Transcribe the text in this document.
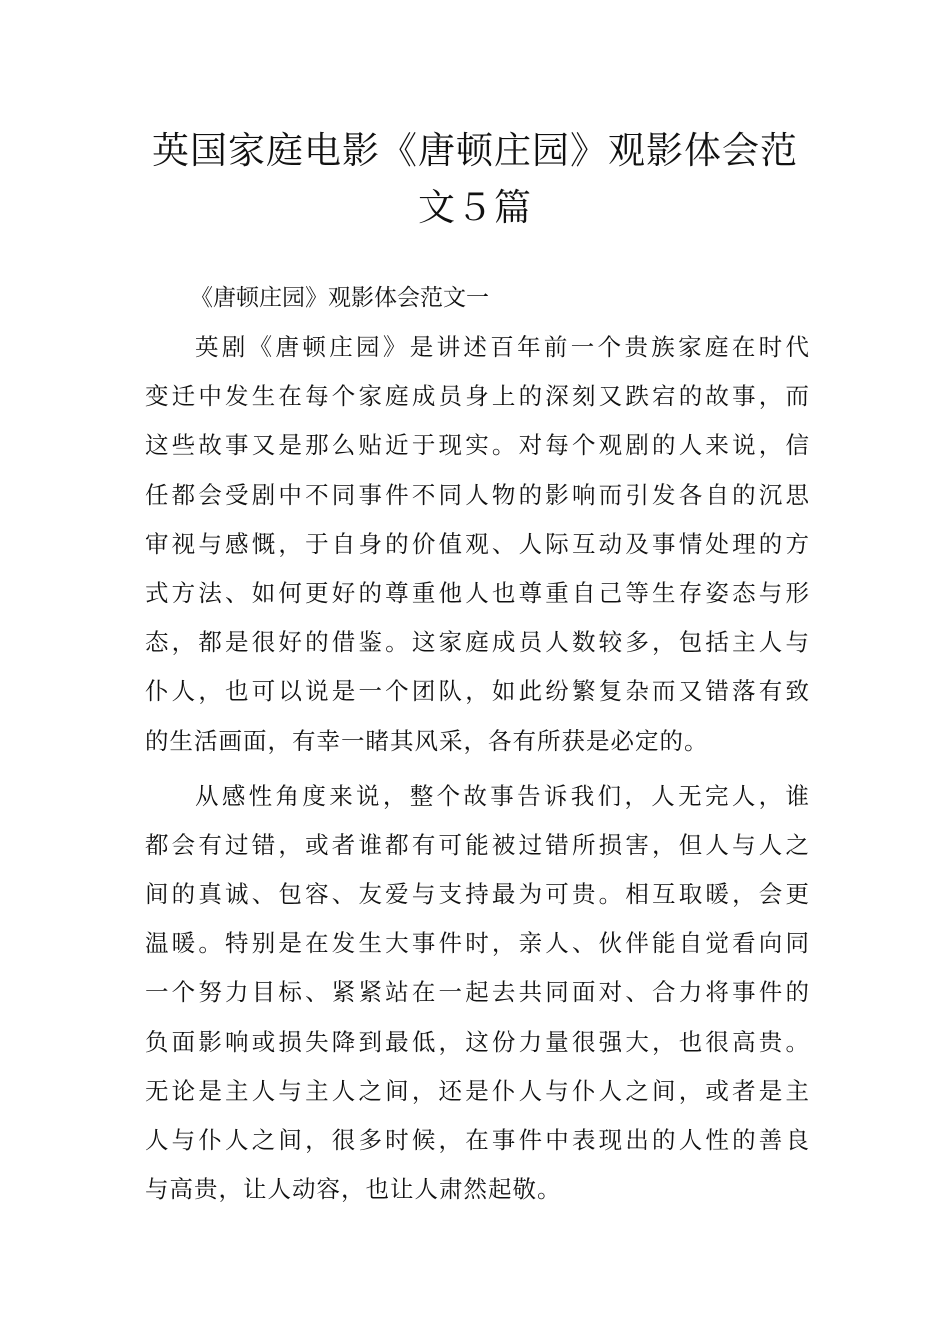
英国家庭电影《唐顿庄园》观影体会范
文５篇

《唐顿庄园》观影体会范文一

英剧《唐顿庄园》是讲述百年前一个贵族家庭在时代
变迁中发生在每个家庭成员身上的深刻又跌宕的故事，而
这些故事又是那么贴近于现实。对每个观剧的人来说，信
任都会受剧中不同事件不同人物的影响而引发各自的沉思
审视与感慨，于自身的价值观、人际互动及事情处理的方
式方法、如何更好的尊重他人也尊重自己等生存姿态与形
态，都是很好的借鉴。这家庭成员人数较多，包括主人与
仆人，也可以说是一个团队，如此纷繁复杂而又错落有致
的生活画面，有幸一睹其风采，各有所获是必定的。
从感性角度来说，整个故事告诉我们，人无完人，谁
都会有过错，或者谁都有可能被过错所损害，但人与人之
间的真诚、包容、友爱与支持最为可贵。相互取暖，会更
温暖。特别是在发生大事件时，亲人、伙伴能自觉看向同
一个努力目标、紧紧站在一起去共同面对、合力将事件的
负面影响或损失降到最低，这份力量很强大，也很高贵。
无论是主人与主人之间，还是仆人与仆人之间，或者是主
人与仆人之间，很多时候，在事件中表现出的人性的善良
与高贵，让人动容，也让人肃然起敬。
